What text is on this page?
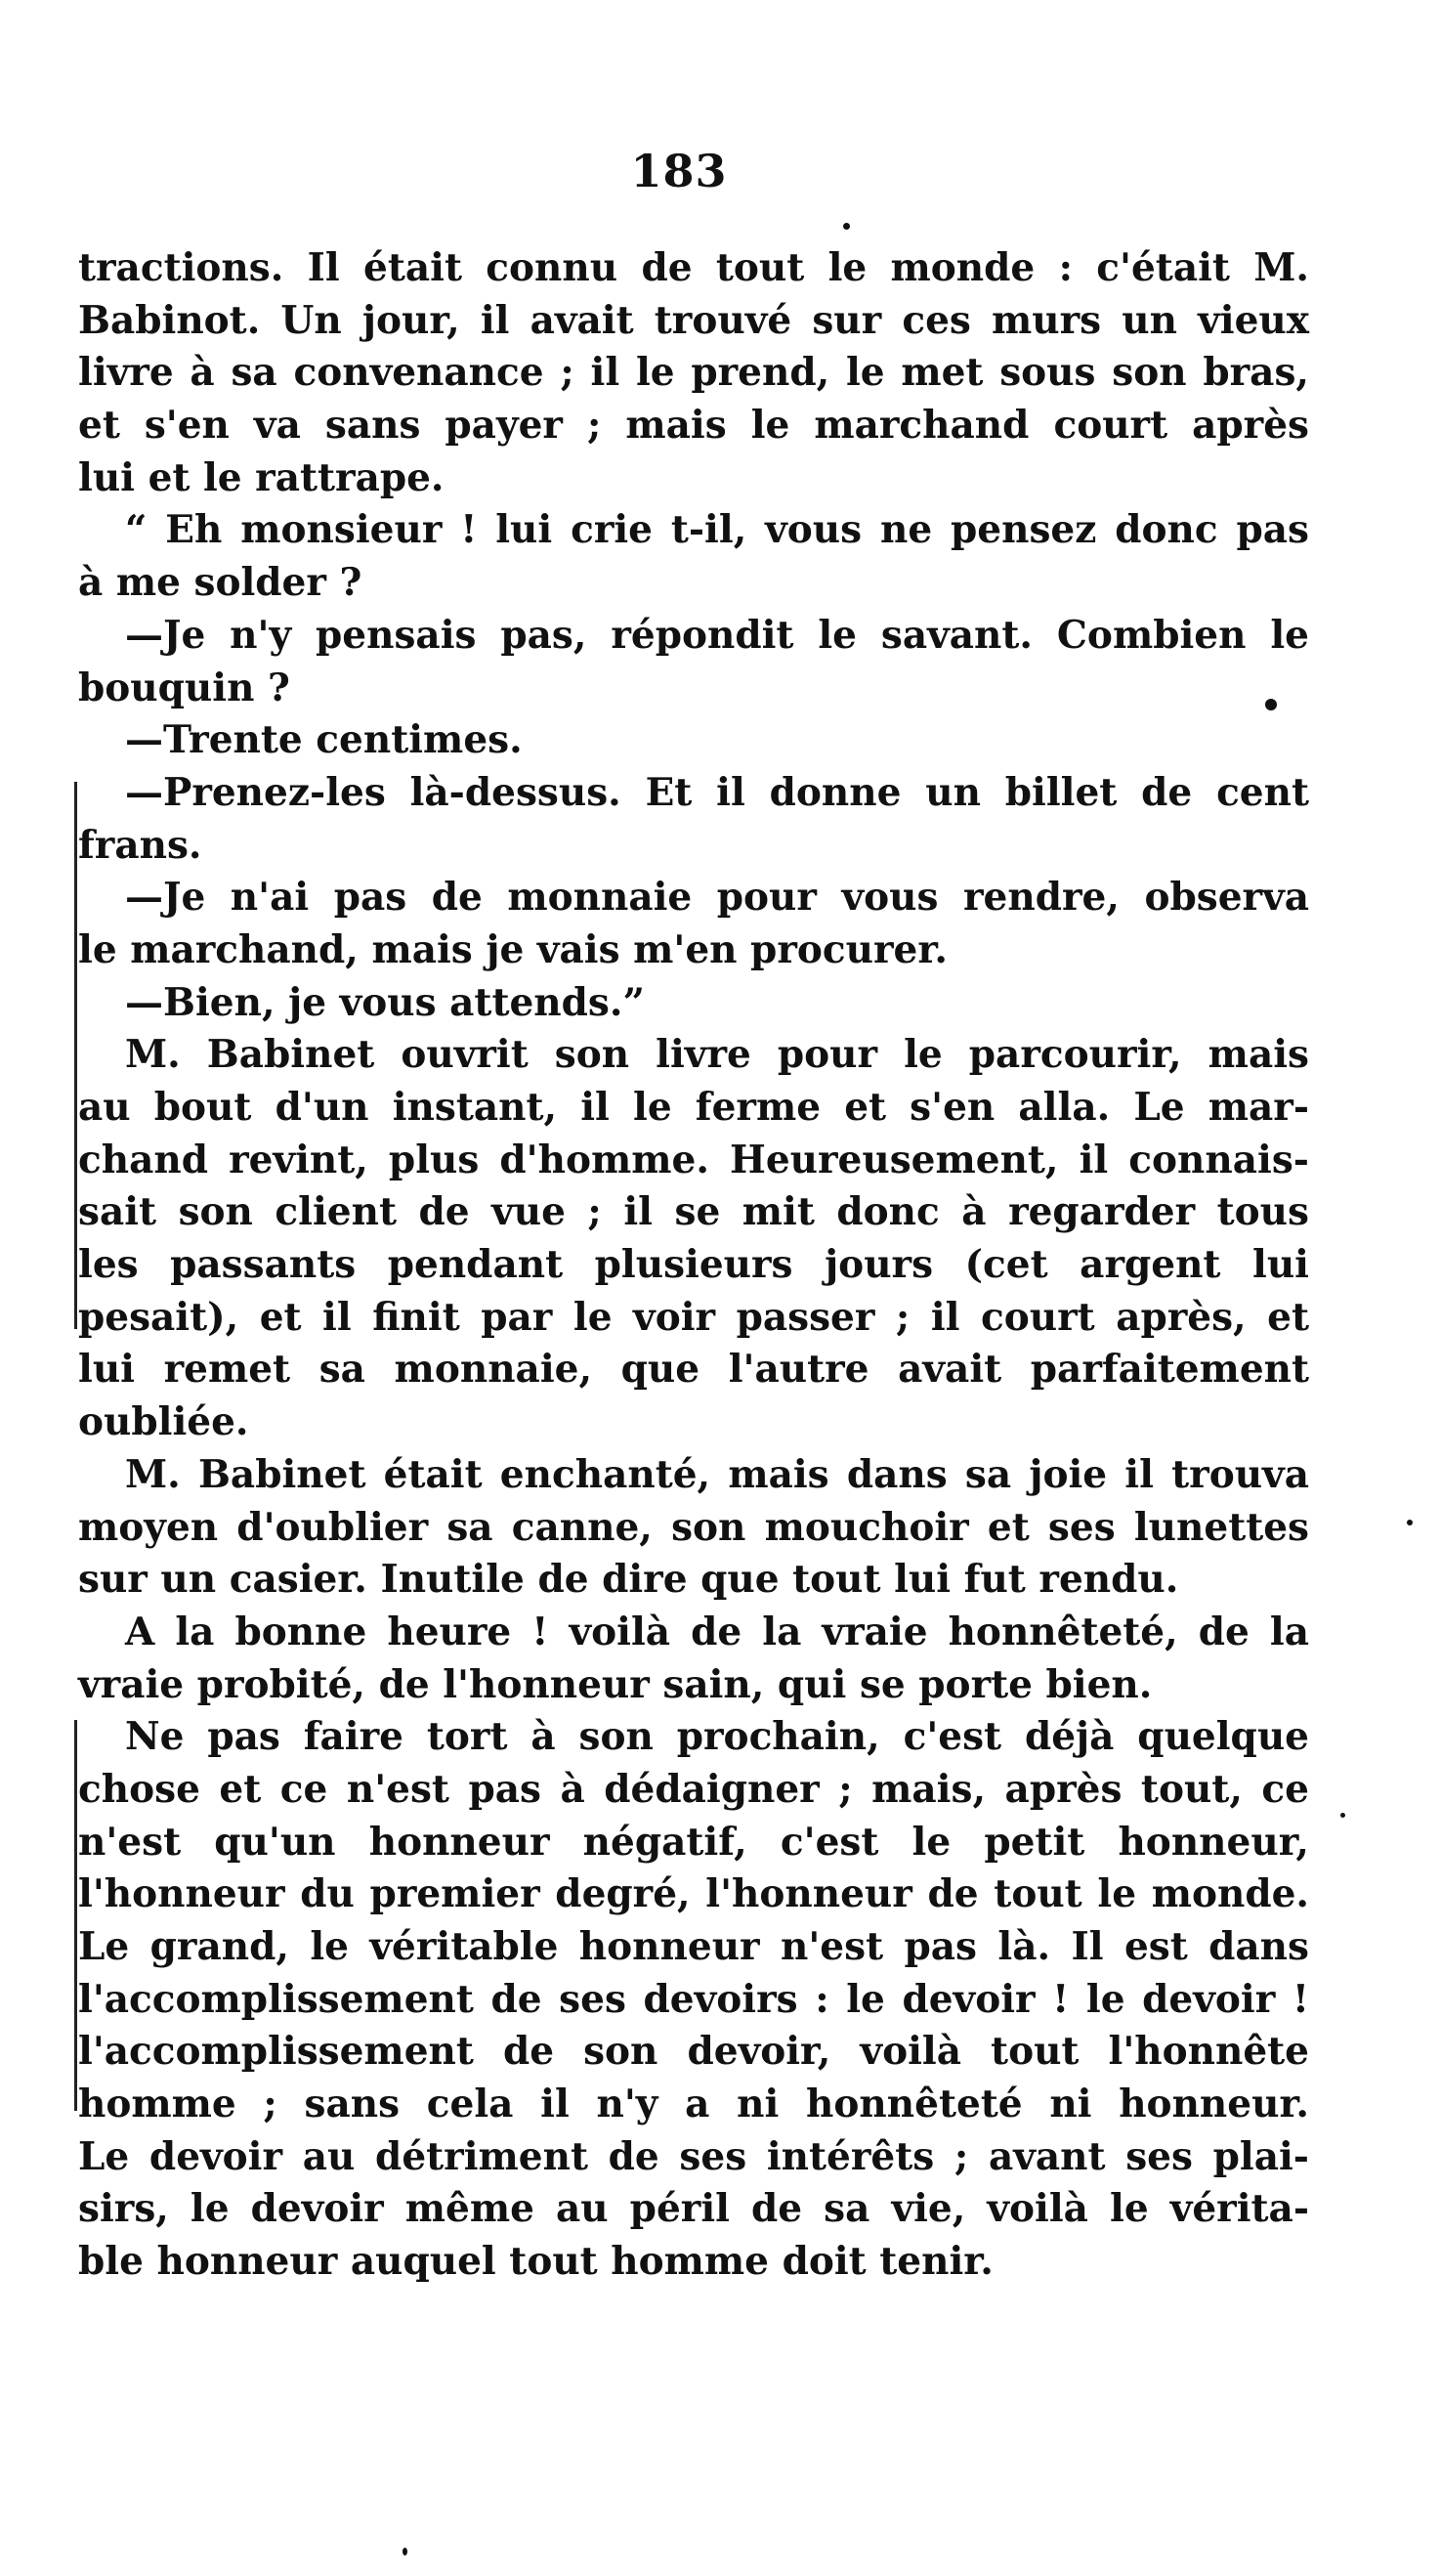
183
tractions. Il était connu de tout le monde : c'était M.
Babinot. Un jour, il avait trouvé sur ces murs un vieux
livre à sa convenance ; il le prend, le met sous son bras,
et s'en va sans payer ; mais le marchand court après
lui et le rattrape.
“ Eh monsieur ! lui crie t-il, vous ne pensez donc pas
à me solder ?
—Je n'y pensais pas, répondit le savant. Combien le
bouquin ?
—Trente centimes.
—Prenez-les là-dessus. Et il donne un billet de cent
frans.
—Je n'ai pas de monnaie pour vous rendre, observa
le marchand, mais je vais m'en procurer.
—Bien, je vous attends.”
M. Babinet ouvrit son livre pour le parcourir, mais
au bout d'un instant, il le ferme et s'en alla. Le mar-
chand revint, plus d'homme. Heureusement, il connais-
sait son client de vue ; il se mit donc à regarder tous
les passants pendant plusieurs jours (cet argent lui
pesait), et il finit par le voir passer ; il court après, et
lui remet sa monnaie, que l'autre avait parfaitement
oubliée.
M. Babinet était enchanté, mais dans sa joie il trouva
moyen d'oublier sa canne, son mouchoir et ses lunettes
sur un casier. Inutile de dire que tout lui fut rendu.
A la bonne heure ! voilà de la vraie honnêteté, de la
vraie probité, de l'honneur sain, qui se porte bien.
Ne pas faire tort à son prochain, c'est déjà quelque
chose et ce n'est pas à dédaigner ; mais, après tout, ce
n'est qu'un honneur négatif, c'est le petit honneur,
l'honneur du premier degré, l'honneur de tout le monde.
Le grand, le véritable honneur n'est pas là. Il est dans
l'accomplissement de ses devoirs : le devoir ! le devoir !
l'accomplissement de son devoir, voilà tout l'honnête
homme ; sans cela il n'y a ni honnêteté ni honneur.
Le devoir au détriment de ses intérêts ; avant ses plai-
sirs, le devoir même au péril de sa vie, voilà le vérita-
ble honneur auquel tout homme doit tenir.
